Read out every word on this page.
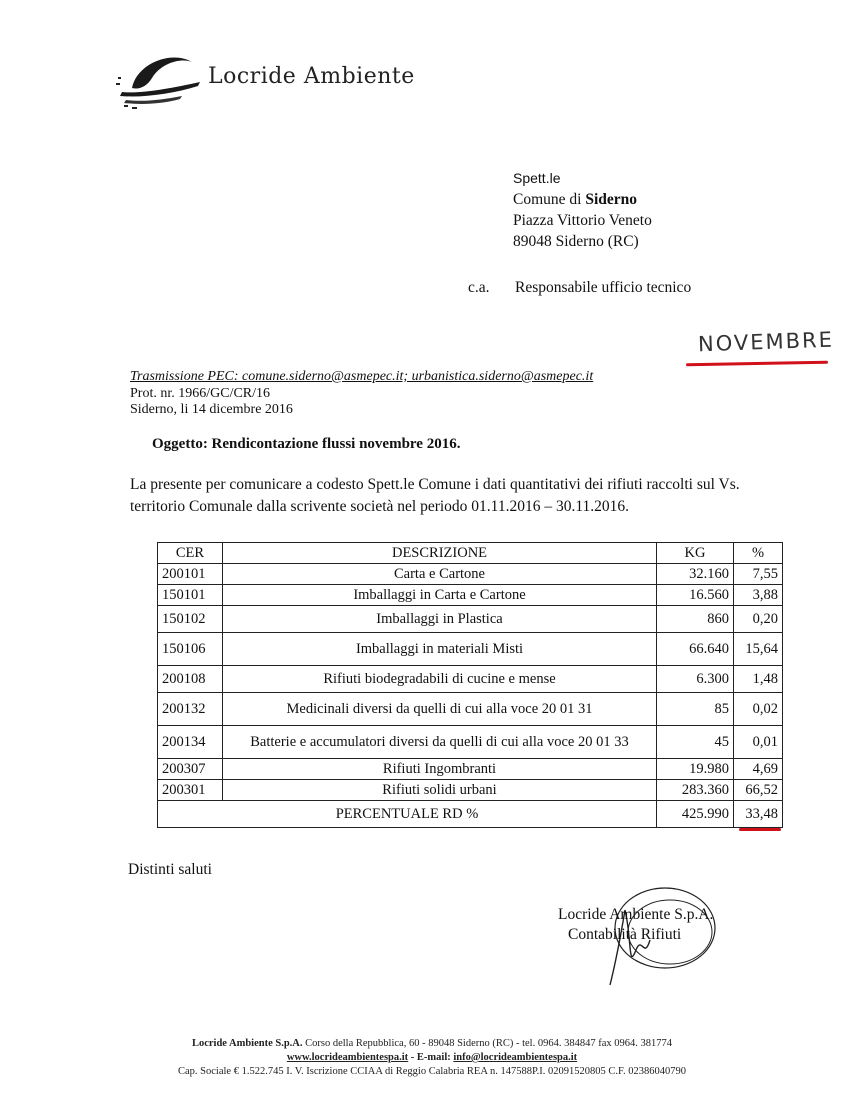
Locride Ambiente
Spett.le
Comune di Siderno
Piazza Vittorio Veneto
89048 Siderno (RC)
c.a. Responsabile ufficio tecnico
NOVEMBRE
Trasmissione PEC: comune.siderno@asmepec.it; urbanistica.siderno@asmepec.it
Prot. nr. 1966/GC/CR/16
Siderno, li 14 dicembre 2016
Oggetto: Rendicontazione flussi novembre 2016.
La presente per comunicare a codesto Spett.le Comune i dati quantitativi dei rifiuti raccolti sul Vs. territorio Comunale dalla scrivente società nel periodo 01.11.2016 – 30.11.2016.
CER	DESCRIZIONE	KG	%
200101	Carta e Cartone	32.160	7,55
150101	Imballaggi in Carta e Cartone	16.560	3,88
150102	Imballaggi in Plastica	860	0,20
150106	Imballaggi in materiali Misti	66.640	15,64
200108	Rifiuti biodegradabili di cucine e mense	6.300	1,48
200132	Medicinali diversi da quelli di cui alla voce 20 01 31	85	0,02
200134	Batterie e accumulatori diversi da quelli di cui alla voce 20 01 33	45	0,01
200307	Rifiuti Ingombranti	19.980	4,69
200301	Rifiuti solidi urbani	283.360	66,52
PERCENTUALE RD %		425.990	33,48
Distinti saluti
Locride Ambiente S.p.A.
Contabilità Rifiuti
Locride Ambiente S.p.A. Corso della Repubblica, 60 - 89048 Siderno (RC) - tel. 0964. 384847 fax 0964. 381774
www.locrideambientespa.it - E-mail: info@locrideambientespa.it
Cap. Sociale € 1.522.745 I. V. Iscrizione CCIAA di Reggio Calabria REA n. 147588P.I. 02091520805 C.F. 02386040790
